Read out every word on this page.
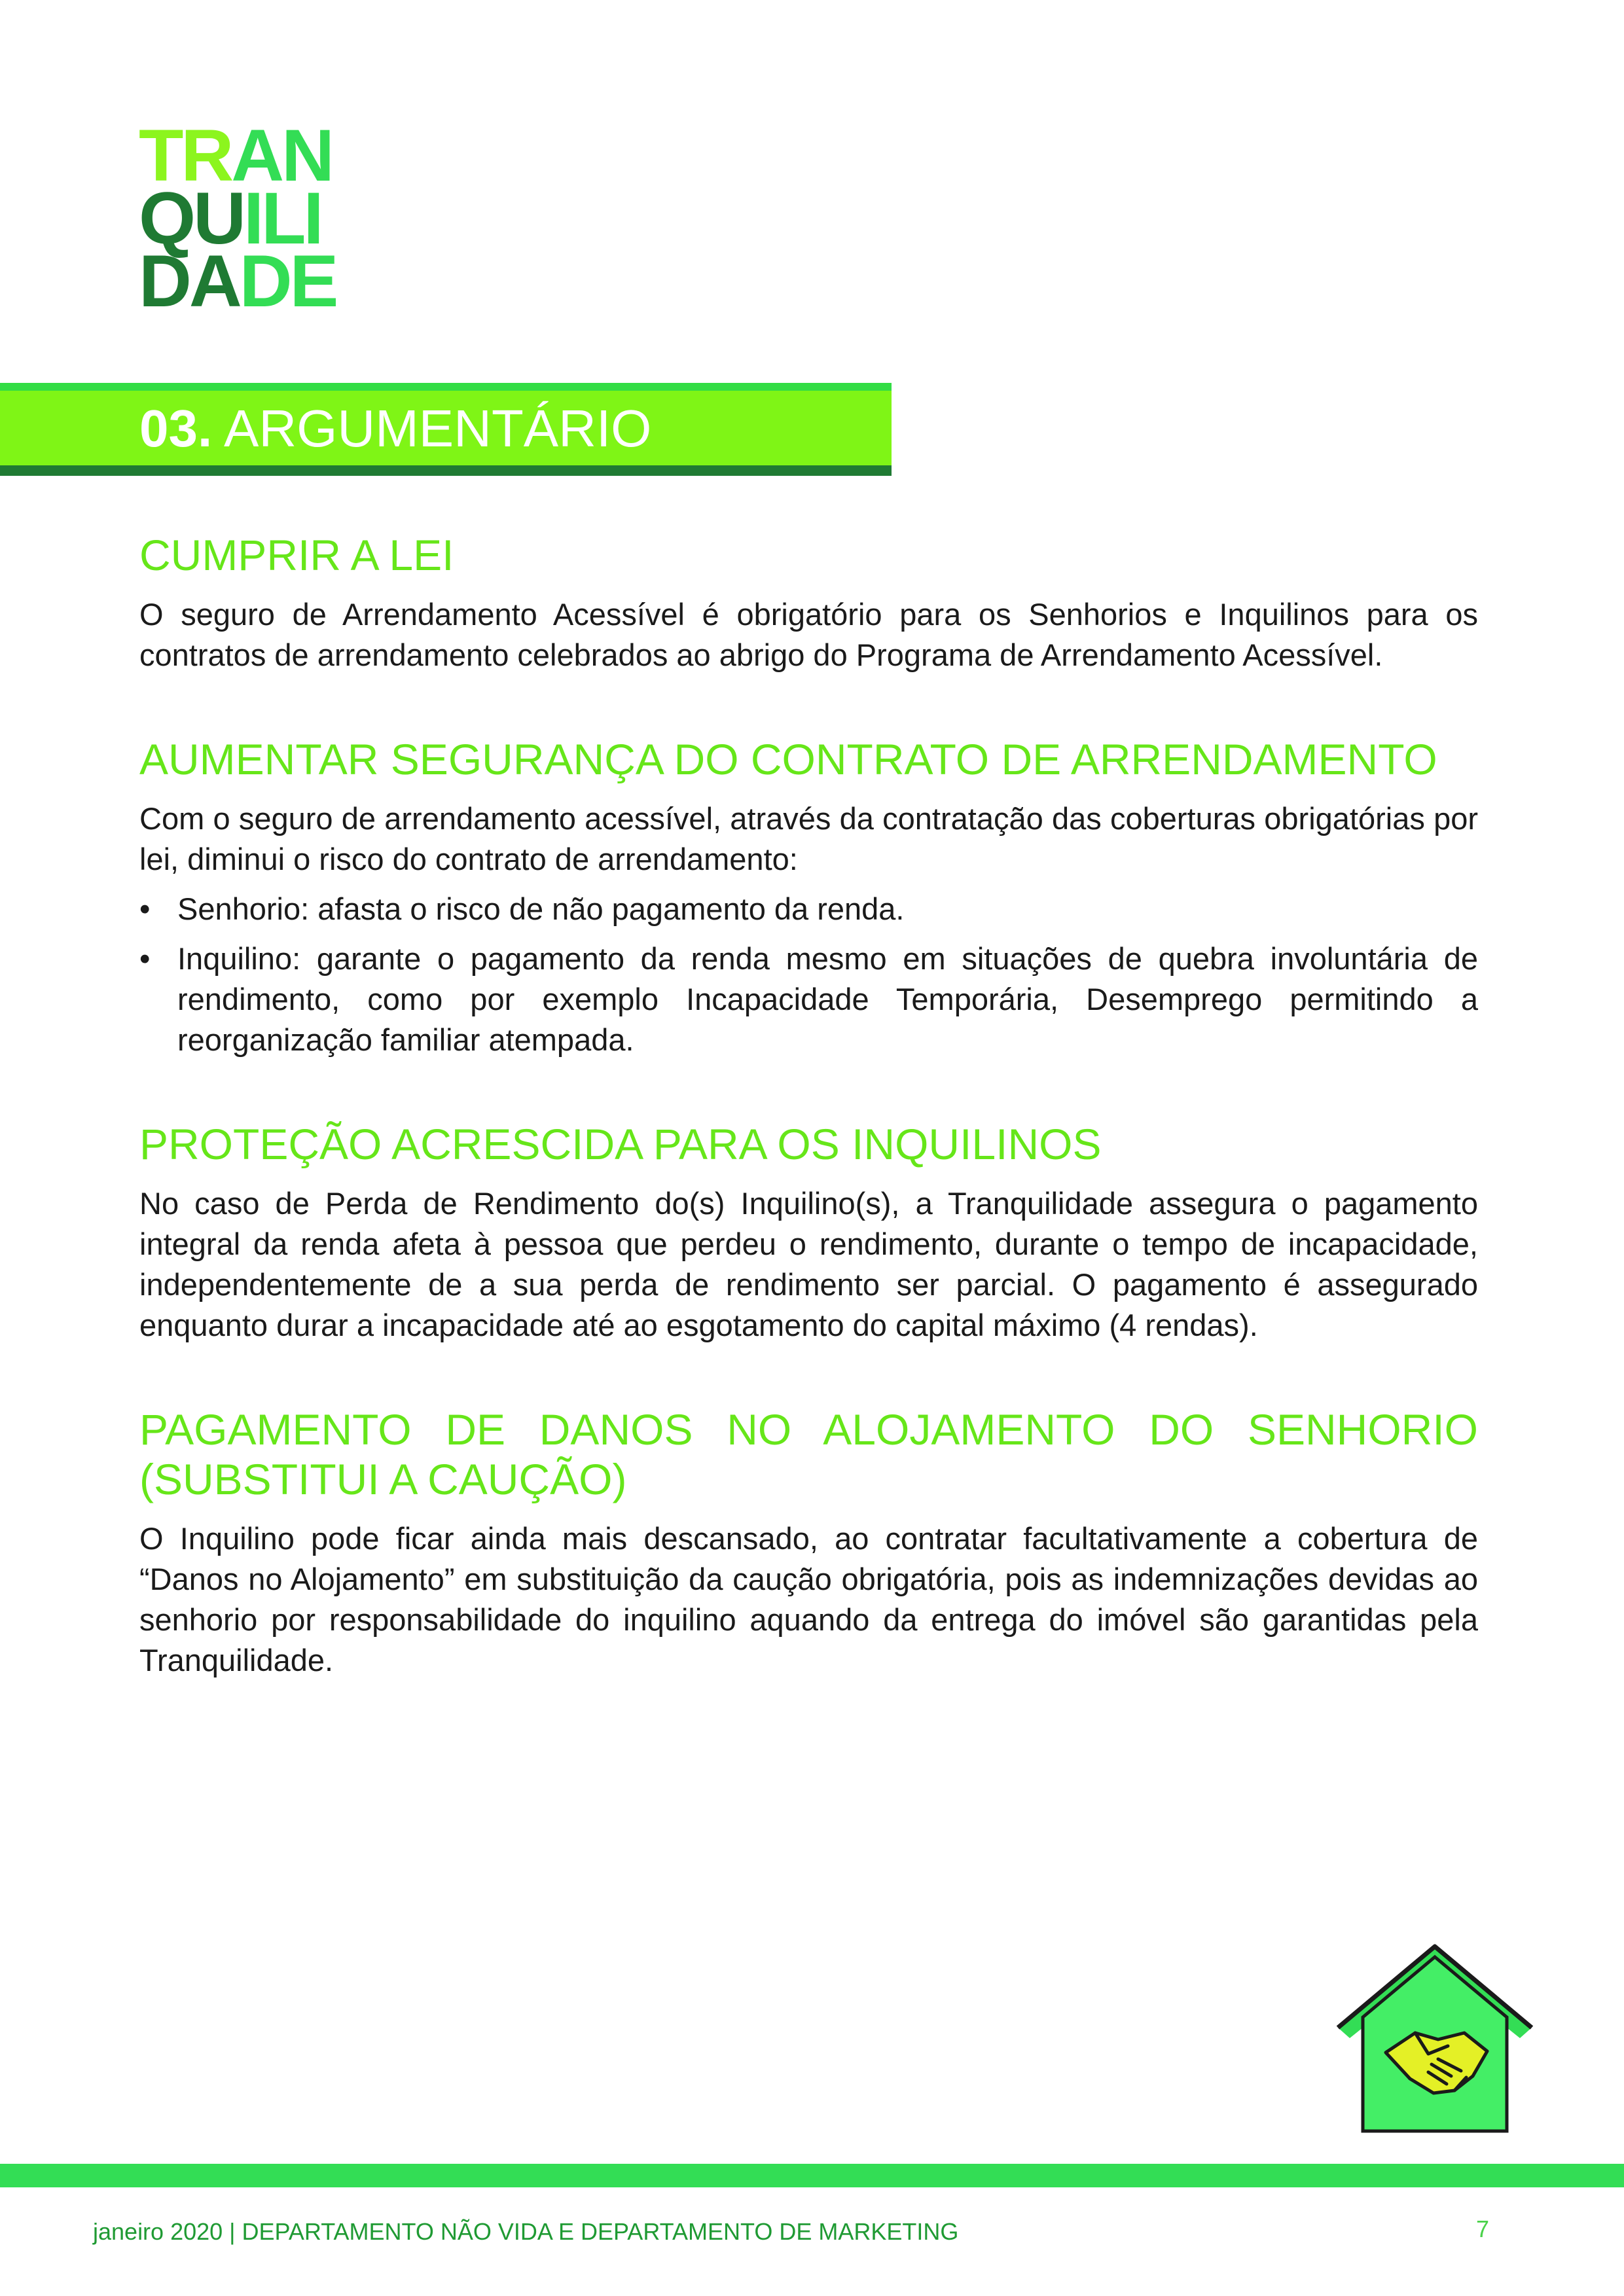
TRAN
QUILI
DADE
03. ARGUMENTÁRIO
CUMPRIR A LEI

O seguro de Arrendamento Acessível é obrigatório para os Senhorios e Inquilinos para os contratos de arrendamento celebrados ao abrigo do Programa de Arrendamento Acessível.

AUMENTAR SEGURANÇA DO CONTRATO DE ARRENDAMENTO

Com o seguro de arrendamento acessível, através da contratação das coberturas obrigatórias por lei, diminui o risco do contrato de arrendamento:

• Senhorio: afasta o risco de não pagamento da renda.
• Inquilino: garante o pagamento da renda mesmo em situações de quebra involuntária de rendimento, como por exemplo Incapacidade Temporária, Desemprego permitindo a reorganização familiar atempada.
PROTEÇÃO ACRESCIDA PARA OS INQUILINOS

No caso de Perda de Rendimento do(s) Inquilino(s), a Tranquilidade assegura o pagamento integral da renda afeta à pessoa que perdeu o rendimento, durante o tempo de incapacidade, independentemente de a sua perda de rendimento ser parcial. O pagamento é assegurado enquanto durar a incapacidade até ao esgotamento do capital máximo (4 rendas).

PAGAMENTO DE DANOS NO ALOJAMENTO DO SENHORIO (SUBSTITUI A CAUÇÃO)

O Inquilino pode ficar ainda mais descansado, ao contratar facultativamente a cobertura de “Danos no Alojamento” em substituição da caução obrigatória, pois as indemnizações devidas ao senhorio por responsabilidade do inquilino aquando da entrega do imóvel são garantidas pela Tranquilidade.

janeiro 2020 | DEPARTAMENTO NÃO VIDA E DEPARTAMENTO DE MARKETING	7
